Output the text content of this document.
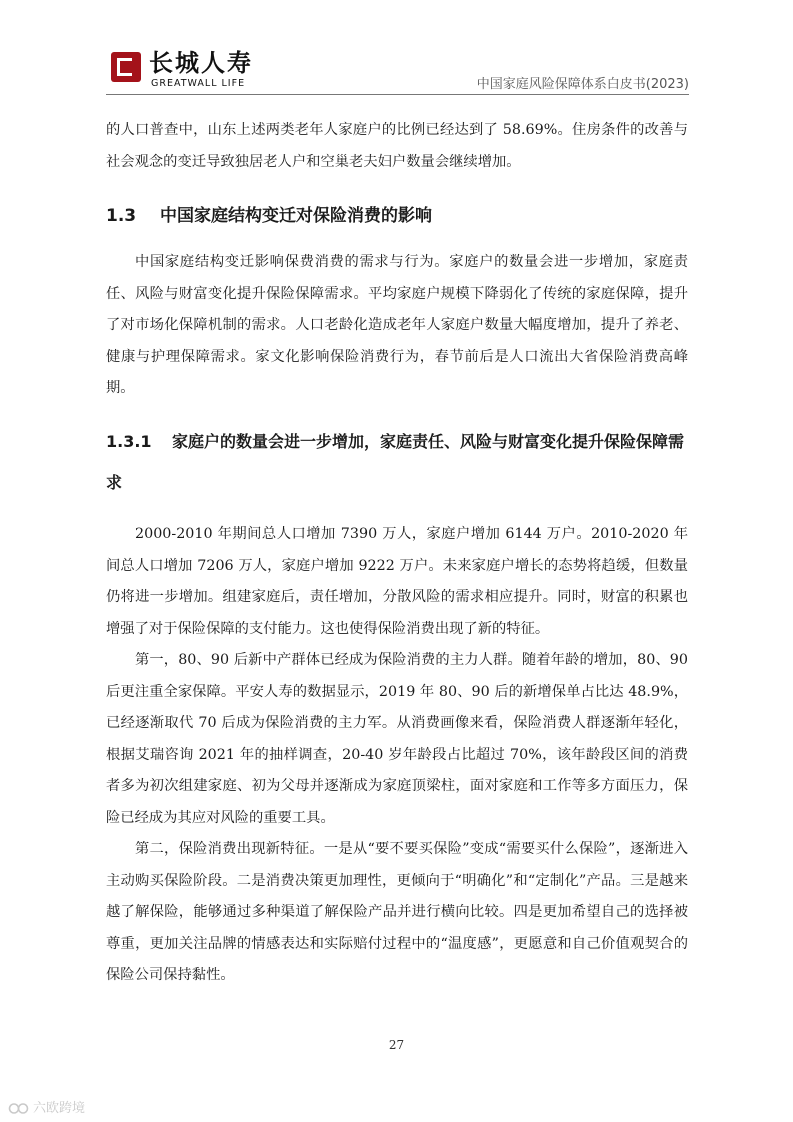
长城人寿
GREATWALL LIFE	中国家庭风险保障体系白皮书(2023)

的人口普查中，山东上述两类老年人家庭户的比例已经达到了 58.69%。住房条件的改善与社会观念的变迁导致独居老人户和空巢老夫妇户数量会继续增加。

1.3 中国家庭结构变迁对保险消费的影响

中国家庭结构变迁影响保费消费的需求与行为。家庭户的数量会进一步增加，家庭责任、风险与财富变化提升保险保障需求。平均家庭户规模下降弱化了传统的家庭保障，提升了对市场化保障机制的需求。人口老龄化造成老年人家庭户数量大幅度增加，提升了养老、健康与护理保障需求。家文化影响保险消费行为，春节前后是人口流出大省保险消费高峰期。

1.3.1 家庭户的数量会进一步增加，家庭责任、风险与财富变化提升保险保障需求

2000-2010 年期间总人口增加 7390 万人，家庭户增加 6144 万户。2010-2020 年间总人口增加 7206 万人，家庭户增加 9222 万户。未来家庭户增长的态势将趋缓，但数量仍将进一步增加。组建家庭后，责任增加，分散风险的需求相应提升。同时，财富的积累也增强了对于保险保障的支付能力。这也使得保险消费出现了新的特征。

第一，80、90 后新中产群体已经成为保险消费的主力人群。随着年龄的增加，80、90 后更注重全家保障。平安人寿的数据显示，2019 年 80、90 后的新增保单占比达 48.9%，已经逐渐取代 70 后成为保险消费的主力军。从消费画像来看，保险消费人群逐渐年轻化，根据艾瑞咨询 2021 年的抽样调查，20-40 岁年龄段占比超过 70%，该年龄段区间的消费者多为初次组建家庭、初为父母并逐渐成为家庭顶梁柱，面对家庭和工作等多方面压力，保险已经成为其应对风险的重要工具。

第二，保险消费出现新特征。一是从“要不要买保险”变成“需要买什么保险”，逐渐进入主动购买保险阶段。二是消费决策更加理性，更倾向于“明确化”和“定制化”产品。三是越来越了解保险，能够通过多种渠道了解保险产品并进行横向比较。四是更加希望自己的选择被尊重，更加关注品牌的情感表达和实际赔付过程中的“温度感”，更愿意和自己价值观契合的保险公司保持黏性。

27
六欧跨境
